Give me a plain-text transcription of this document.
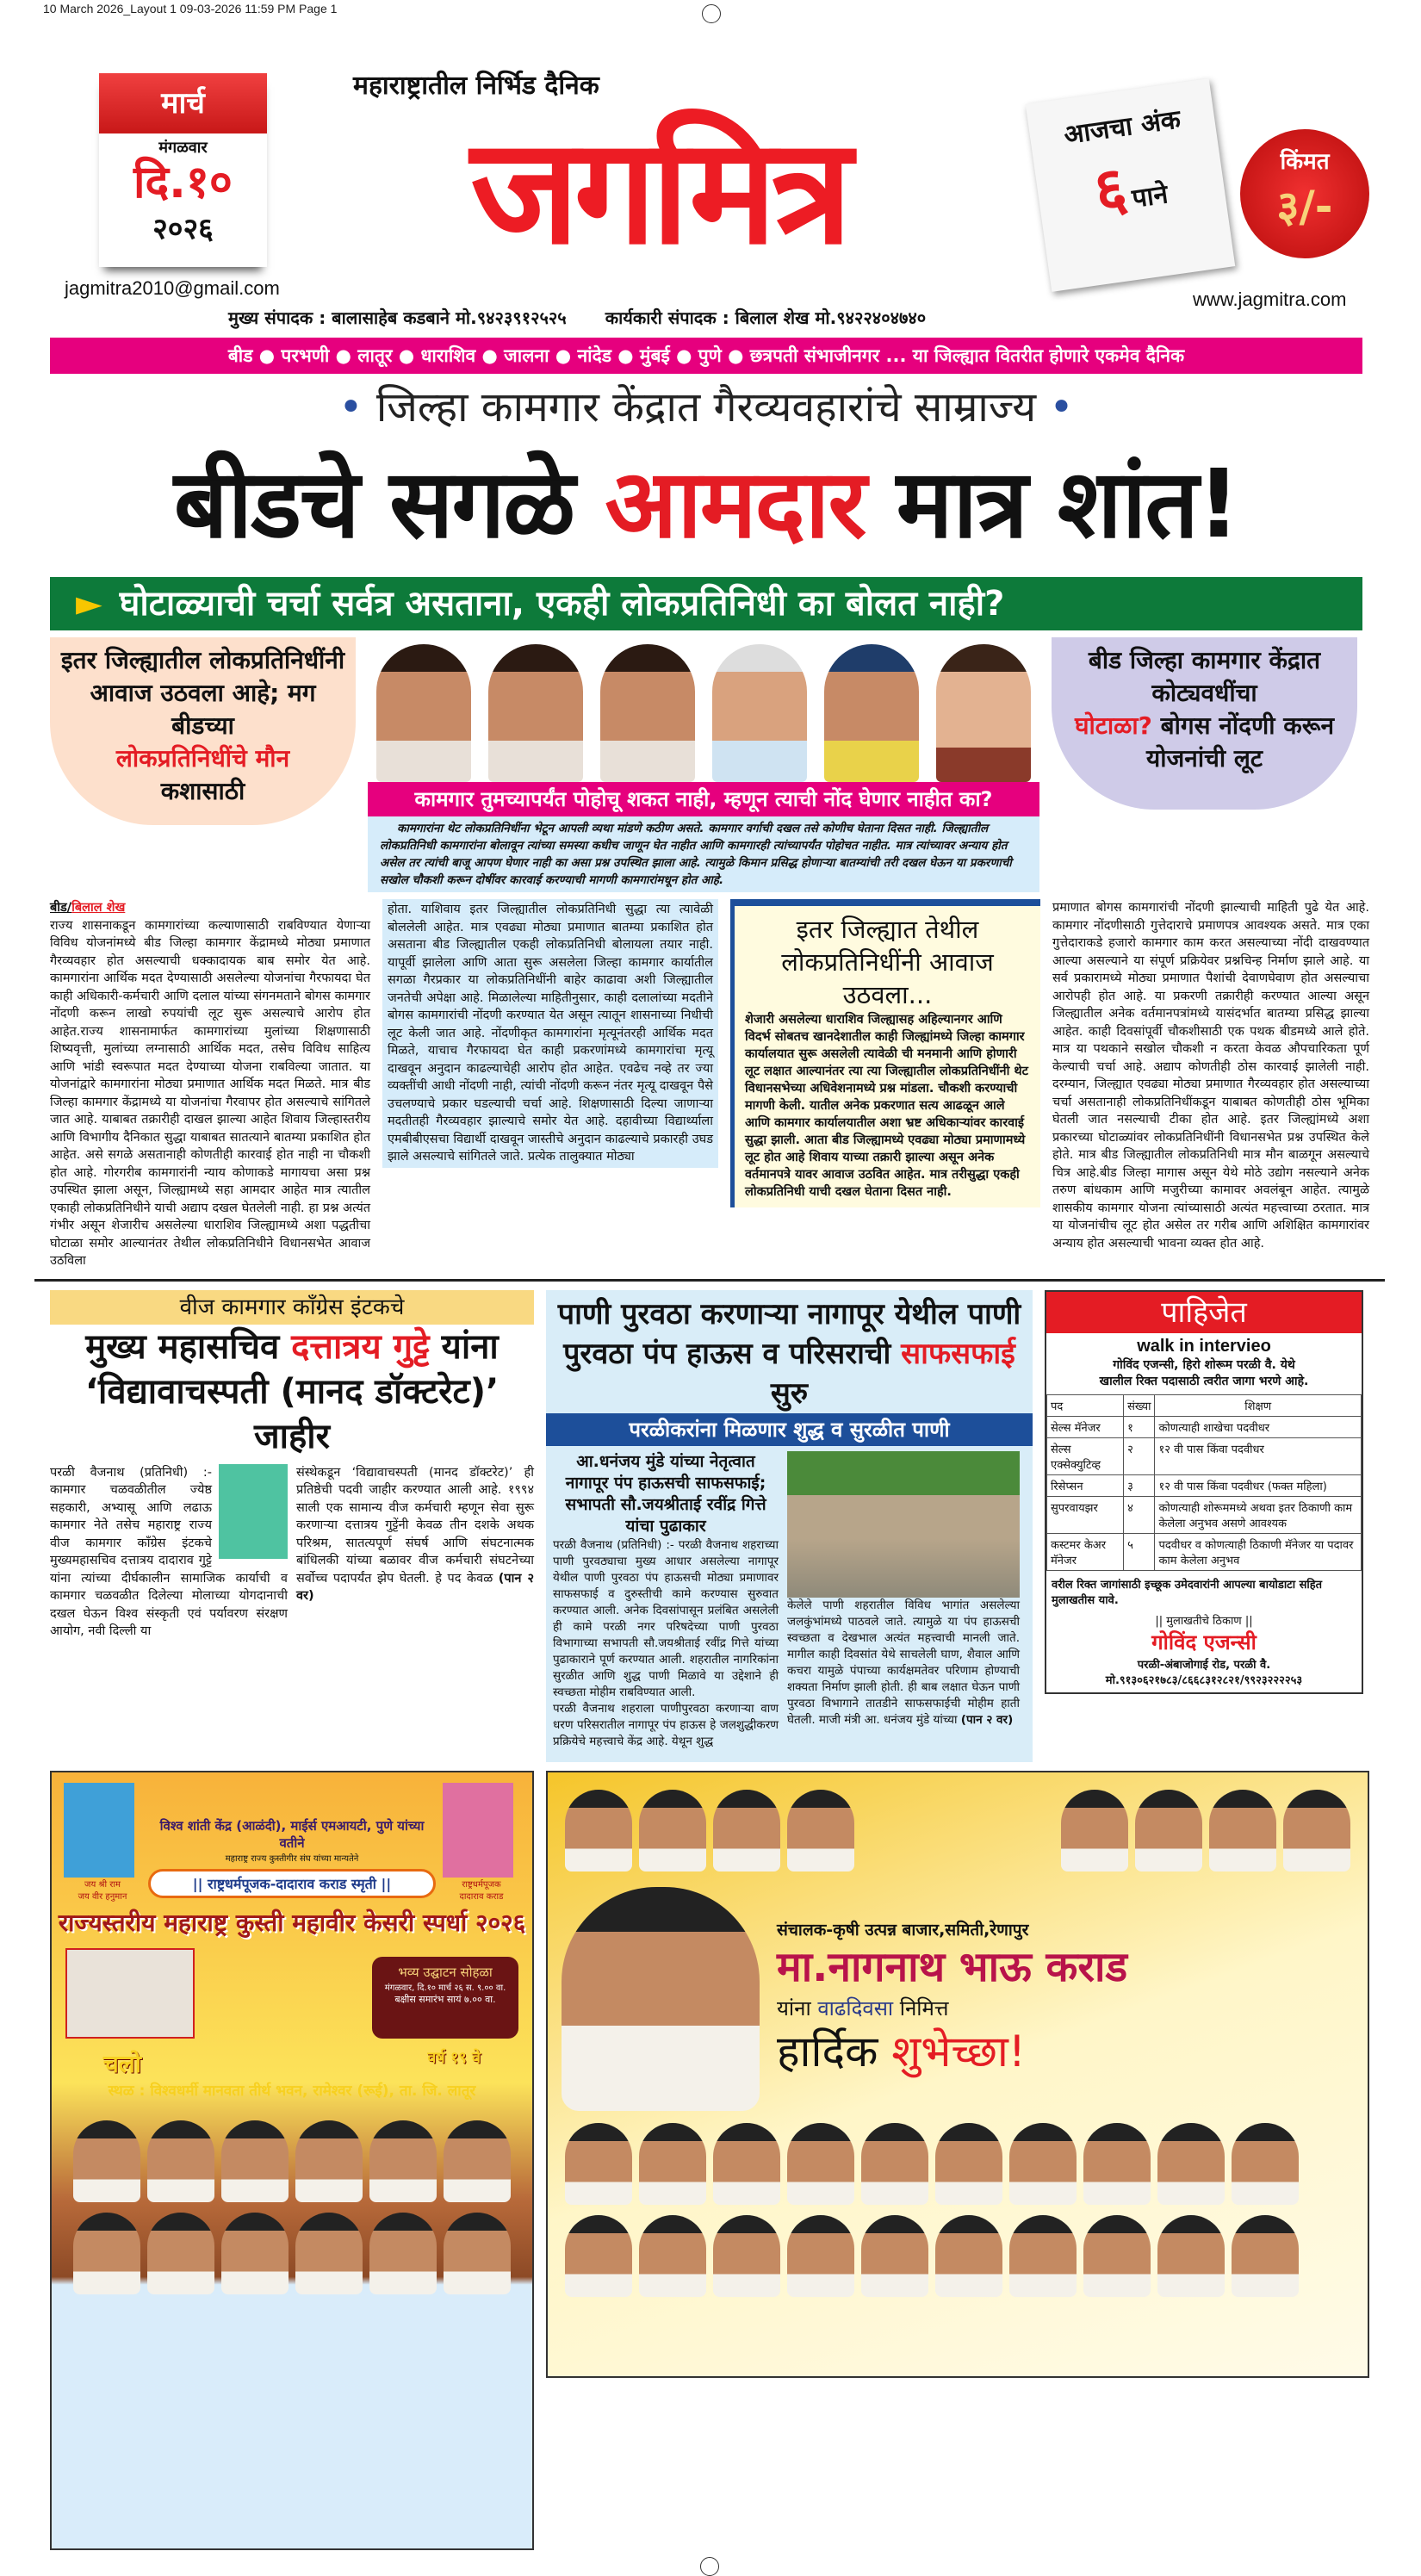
10 March 2026_Layout 1 09-03-2026 11:59 PM Page 1
मार्च
मंगळवार
दि.१०
२०२६
महाराष्ट्रातील निर्भिड दैनिक
जगमित्र	आजचा अंक
६ पाने
किंमत
३/-
jagmitra2010@gmail.com
www.jagmitra.com
मुख्य संपादक : बालासाहेब कडबाने मो.९४२३९१२५२५ कार्यकारी संपादक : बिलाल शेख मो.९४२२४०४७४०
बीड ● परभणी ● लातूर ● धाराशिव ● जालना ● नांदेड ● मुंबई ● पुणे ● छत्रपती संभाजीनगर ... या जिल्ह्यात वितरीत होणारे एकमेव दैनिक
• जिल्हा कामगार केंद्रात गैरव्यवहारांचे साम्राज्य •
बीडचे सगळे आमदार मात्र शांत!
► घोटाळ्याची चर्चा सर्वत्र असताना, एकही लोकप्रतिनिधी का बोलत नाही?
इतर जिल्ह्यातील लोकप्रतिनिधींनी आवाज उठवला आहे; मग बीडच्या
लोकप्रतिनिधींचे मौन
कशासाठी	कामगार तुमच्यापर्यंत पोहोचू शकत नाही, म्हणून त्याची नोंद घेणार नाहीत का?
कामगारांना थेट लोकप्रतिनिधींना भेटून आपली व्यथा मांडणे कठीण असते. कामगार वर्गाची दखल तसे कोणीच घेताना दिसत नाही. जिल्ह्यातील लोकप्रतिनिधी कामगारांना बोलावून त्यांच्या समस्या कधीच जाणून घेत नाहीत आणि कामगारही त्यांच्यापर्यंत पोहोचत नाहीत. मात्र त्यांच्यावर अन्याय होत असेल तर त्यांची बाजू आपण घेणार नाही का असा प्रश्न उपस्थित झाला आहे. त्यामुळे किमान प्रसिद्ध होणाऱ्या बातम्यांची तरी दखल घेऊन या प्रकरणाची सखोल चौकशी करून दोषींवर कारवाई करण्याची मागणी कामगारांमधून होत आहे.
बीड जिल्हा कामगार केंद्रात कोट्यवधींचा
घोटाळा? बोगस नोंदणी करून योजनांची लूट
बीड/बिलाल शेख
राज्य शासनाकडून कामगारांच्या कल्याणासाठी राबविण्यात येणाऱ्या विविध योजनांमध्ये बीड जिल्हा कामगार केंद्रामध्ये मोठ्या प्रमाणात गैरव्यवहार होत असल्याची धक्कादायक बाब समोर येत आहे. कामगारांना आर्थिक मदत देण्यासाठी असलेल्या योजनांचा गैरफायदा घेत काही अधिकारी-कर्मचारी आणि दलाल यांच्या संगनमताने बोगस कामगार नोंदणी करून लाखो रुपयांची लूट सुरू असल्याचे आरोप होत आहेत.राज्य शासनामार्फत कामगारांच्या मुलांच्या शिक्षणासाठी शिष्यवृत्ती, मुलांच्या लग्नासाठी आर्थिक मदत, तसेच विविध साहित्य आणि भांडी स्वरूपात मदत देण्याच्या योजना राबविल्या जातात. या योजनांद्वारे कामगारांना मोठ्या प्रमाणात आर्थिक मदत मिळते. मात्र बीड जिल्हा कामगार केंद्रामध्ये या योजनांचा गैरवापर होत असल्याचे सांगितले जात आहे. याबाबत तक्रारीही दाखल झाल्या आहेत शिवाय जिल्हास्तरीय आणि विभागीय दैनिकात सुद्धा याबाबत सातत्याने बातम्या प्रकाशित होत आहेत. असे सगळे असतानाही कोणतीही कारवाई होत नाही ना चौकशी होत आहे. गोरगरीब कामगारांनी न्याय कोणाकडे मागायचा असा प्रश्न उपस्थित झाला असून, जिल्ह्यामध्ये सहा आमदार आहेत मात्र त्यातील एकाही लोकप्रतिनिधीने याची अद्याप दखल घेतलेली नाही. हा प्रश्न अत्यंत गंभीर असून शेजारीच असलेल्या धाराशिव जिल्ह्यामध्ये अशा पद्धतीचा घोटाळा समोर आल्यानंतर तेथील लोकप्रतिनिधीने विधानसभेत आवाज उठविला
होता. याशिवाय इतर जिल्ह्यातील लोकप्रतिनिधी सुद्धा त्या त्यावेळी बोललेली आहेत. मात्र एवढ्या मोठ्या प्रमाणात बातम्या प्रकाशित होत असताना बीड जिल्ह्यातील एकही लोकप्रतिनिधी बोलायला तयार नाही. यापूर्वी झालेला आणि आता सुरू असलेला जिल्हा कामगार कार्यातील सगळा गैरप्रकार या लोकप्रतिनिधींनी बाहेर काढावा अशी जिल्ह्यातील जनतेची अपेक्षा आहे. मिळालेल्या माहितीनुसार, काही दलालांच्या मदतीने बोगस कामगारांची नोंदणी करण्यात येत असून त्यातून शासनाच्या निधीची लूट केली जात आहे. नोंदणीकृत कामगारांना मृत्यूनंतरही आर्थिक मदत मिळते, याचाच गैरफायदा घेत काही प्रकरणांमध्ये कामगारांचा मृत्यू दाखवून अनुदान काढल्याचेही आरोप होत आहेत. एवढेच नव्हे तर ज्या व्यक्तींची आधी नोंदणी नाही, त्यांची नोंदणी करून नंतर मृत्यू दाखवून पैसे उचलण्याचे प्रकार घडल्याची चर्चा आहे. शिक्षणासाठी दिल्या जाणाऱ्या मदतीतही गैरव्यवहार झाल्याचे समोर येत आहे. दहावीच्या विद्यार्थ्याला एमबीबीएसचा विद्यार्थी दाखवून जास्तीचे अनुदान काढल्याचे प्रकारही उघड झाले असल्याचे सांगितले जाते. प्रत्येक तालुक्यात मोठ्या
इतर जिल्ह्यात तेथील लोकप्रतिनिधींनी आवाज उठवला...

शेजारी असलेल्या धाराशिव जिल्ह्यासह अहिल्यानगर आणि विदर्भ सोबतच खानदेशातील काही जिल्ह्यांमध्ये जिल्हा कामगार कार्यालयात सुरू असलेली त्यावेळी ची मनमानी आणि होणारी लूट लक्षात आल्यानंतर त्या त्या जिल्ह्यातील लोकप्रतिनिधींनी थेट विधानसभेच्या अधिवेशनामध्ये प्रश्न मांडला. चौकशी करण्याची मागणी केली. यातील अनेक प्रकरणात सत्य आढळून आले आणि कामगार कार्यालयातील अशा भ्रष्ट अधिकाऱ्यांवर कारवाई सुद्धा झाली. आता बीड जिल्ह्यामध्ये एवढ्या मोठ्या प्रमाणामध्ये लूट होत आहे शिवाय याच्या तक्रारी झाल्या असून अनेक वर्तमानपत्रे यावर आवाज उठवित आहेत. मात्र तरीसुद्धा एकही लोकप्रतिनिधी याची दखल घेताना दिसत नाही.

प्रमाणात बोगस कामगारांची नोंदणी झाल्याची माहिती पुढे येत आहे. कामगार नोंदणीसाठी गुत्तेदाराचे प्रमाणपत्र आवश्यक असते. मात्र एका गुत्तेदाराकडे हजारो कामगार काम करत असल्याच्या नोंदी दाखवण्यात आल्या असल्याने या संपूर्ण प्रक्रियेवर प्रश्नचिन्ह निर्माण झाले आहे. या सर्व प्रकारामध्ये मोठ्या प्रमाणात पैशांची देवाणघेवाण होत असल्याचा आरोपही होत आहे. या प्रकरणी तक्रारीही करण्यात आल्या असून जिल्ह्यातील अनेक वर्तमानपत्रांमध्ये यासंदर्भात बातम्या प्रसिद्ध झाल्या आहेत. काही दिवसांपूर्वी चौकशीसाठी एक पथक बीडमध्ये आले होते. मात्र या पथकाने सखोल चौकशी न करता केवळ औपचारिकता पूर्ण केल्याची चर्चा आहे. अद्याप कोणतीही ठोस कारवाई झालेली नाही. दरम्यान, जिल्ह्यात एवढ्या मोठ्या प्रमाणात गैरव्यवहार होत असल्याच्या चर्चा असतानाही लोकप्रतिनिधींकडून याबाबत कोणतीही ठोस भूमिका घेतली जात नसल्याची टीका होत आहे. इतर जिल्ह्यांमध्ये अशा प्रकारच्या घोटाळ्यांवर लोकप्रतिनिधींनी विधानसभेत प्रश्न उपस्थित केले होते. मात्र बीड जिल्ह्यातील लोकप्रतिनिधी मात्र मौन बाळगून असल्याचे चित्र आहे.बीड जिल्हा मागास असून येथे मोठे उद्योग नसल्याने अनेक तरुण बांधकाम आणि मजुरीच्या कामावर अवलंबून आहेत. त्यामुळे शासकीय कामगार योजना त्यांच्यासाठी अत्यंत महत्त्वाच्या ठरतात. मात्र या योजनांचीच लूट होत असेल तर गरीब आणि अशिक्षित कामगारांवर अन्याय होत असल्याची भावना व्यक्त होत आहे.
वीज कामगार काँग्रेस इंटकचे
मुख्य महासचिव दत्तात्रय गुट्टे यांना
‘विद्यावाचस्पती (मानद डॉक्टरेट)’ जाहीर
परळी वैजनाथ (प्रतिनिधी) :- कामगार चळवळीतील ज्येष्ठ सहकारी, अभ्यासू आणि लढाऊ कामगार नेते तसेच महाराष्ट्र राज्य वीज कामगार काँग्रेस इंटकचे मुख्यमहासचिव दत्तात्रय दादाराव गुट्टे यांना त्यांच्या दीर्घकालीन सामाजिक कार्याची व कामगार चळवळीत दिलेल्या मोलाच्या योगदानाची दखल घेऊन विश्व संस्कृती एवं पर्यावरण संरक्षण आयोग, नवी दिल्ली या
संस्थेकडून ‘विद्यावाचस्पती (मानद डॉक्टरेट)’ ही प्रतिष्ठेची पदवी जाहीर करण्यात आली आहे. १९९४ साली एक सामान्य वीज कर्मचारी म्हणून सेवा सुरू करणाऱ्या दत्तात्रय गुट्टेंनी केवळ तीन दशके अथक परिश्रम, सातत्यपूर्ण संघर्ष आणि संघटनात्मक बांधिलकी यांच्या बळावर वीज कर्मचारी संघटनेच्या सर्वोच्च पदापर्यंत झेप घेतली. हे पद केवळ (पान २ वर)
पाणी पुरवठा करणाऱ्या नागापूर येथील पाणी
पुरवठा पंप हाऊस व परिसराची साफसफाई सुरु
परळीकरांना मिळणार शुद्ध व सुरळीत पाणी
आ.धनंजय मुंडे यांच्या नेतृत्वात नागापूर पंप हाऊसची साफसफाई; सभापती सौ.जयश्रीताई रवींद्र गित्ते यांचा पुढाकार

परळी वैजनाथ (प्रतिनिधी) :- परळी वैजनाथ शहराच्या पाणी पुरवठ्याचा मुख्य आधार असलेल्या नागापूर येथील पाणी पुरवठा पंप हाऊसची मोठ्या प्रमाणावर साफसफाई व दुरुस्तीची कामे करण्यास सुरुवात करण्यात आली. अनेक दिवसांपासून प्रलंबित असलेली ही कामे परळी नगर परिषदेच्या पाणी पुरवठा विभागाच्या सभापती सौ.जयश्रीताई रवींद्र गित्ते यांच्या पुढाकाराने पूर्ण करण्यात आली. शहरातील नागरिकांना सुरळीत आणि शुद्ध पाणी मिळावे या उद्देशाने ही स्वच्छता मोहीम राबविण्यात आली.

परळी वैजनाथ शहराला पाणीपुरवठा करणाऱ्या वाण धरण परिसरातील नागापूर पंप हाऊस हे जलशुद्धीकरण प्रक्रियेचे महत्त्वाचे केंद्र आहे. येथून शुद्ध

केलेले पाणी शहरातील विविध भागांत असलेल्या जलकुंभांमध्ये पाठवले जाते. त्यामुळे या पंप हाऊसची स्वच्छता व देखभाल अत्यंत महत्त्वाची मानली जाते. मागील काही दिवसांत येथे साचलेली घाण, शैवाल आणि कचरा यामुळे पंपाच्या कार्यक्षमतेवर परिणाम होण्याची शक्यता निर्माण झाली होती. ही बाब लक्षात घेऊन पाणी पुरवठा विभागाने तातडीने साफसफाईची मोहीम हाती घेतली. माजी मंत्री आ. धनंजय मुंडे यांच्या (पान २ वर)

पाहिजेत
walk in intervieo
गोविंद एजन्सी, हिरो शोरूम परळी वै. येथे
खालील रिक्त पदासाठी त्वरीत जागा भरणे आहे.
पद	संख्या	शिक्षण
सेल्स मॅनेजर	१	कोणत्याही शाखेचा पदवीधर
सेल्स एक्सेक्युटिव्ह	२	१२ वी पास किंवा पदवीधर
रिसेप्सन	३	१२ वी पास किंवा पदवीधर (फक्त महिला)
सुपरवायझर	४	कोणत्याही शोरूममध्ये अथवा इतर ठिकाणी काम केलेला अनुभव असणे आवश्यक
कस्टमर केअर मॅनेजर	५	पदवीधर व कोणत्याही ठिकाणी मॅनेजर या पदावर काम केलेला अनुभव
वरील रिक्त जागांसाठी इच्छूक उमेदवारांनी आपल्या बायोडाटा सहित मुलाखतीस यावे.
|| मुलाखतीचे ठिकाण ||
गोविंद एजन्सी
परळी-अंबाजोगाई रोड, परळी वै.
मो.९१३०६२१७८३/८६६८३१२८२१/९९२३२२२२५३
जय श्री राम
जय वीर हनुमान
विश्व शांती केंद्र (आळंदी), माईर्स एमआयटी, पुणे यांच्या वतीने
महाराष्ट्र राज्य कुस्तीगीर संघ यांच्या मान्यतेने
|| राष्ट्रधर्मपूजक-दादाराव कराड स्मृती ||	राष्ट्रधर्मपूजक
दादाराव कराड
राज्यस्तरीय महाराष्ट्र कुस्ती महावीर केसरी स्पर्धा २०२६
भव्य उद्घाटन सोहळा
मंगळवार, दि.१० मार्च २६ स. ९.०० वा.
बक्षीस समारंभ सायं ७.०० वा.
चलो	वर्ष १९ वे
स्थळ : विश्वधर्मी मानवता तीर्थ भवन, रामेश्वर (रूई), ता. जि. लातूर

संचालक-कृषी उत्पन्न बाजार,समिती,रेणापुर
मा.नागनाथ भाऊ कराड
यांना वाढदिवसा निमित्त
हार्दिक शुभेच्छा!
